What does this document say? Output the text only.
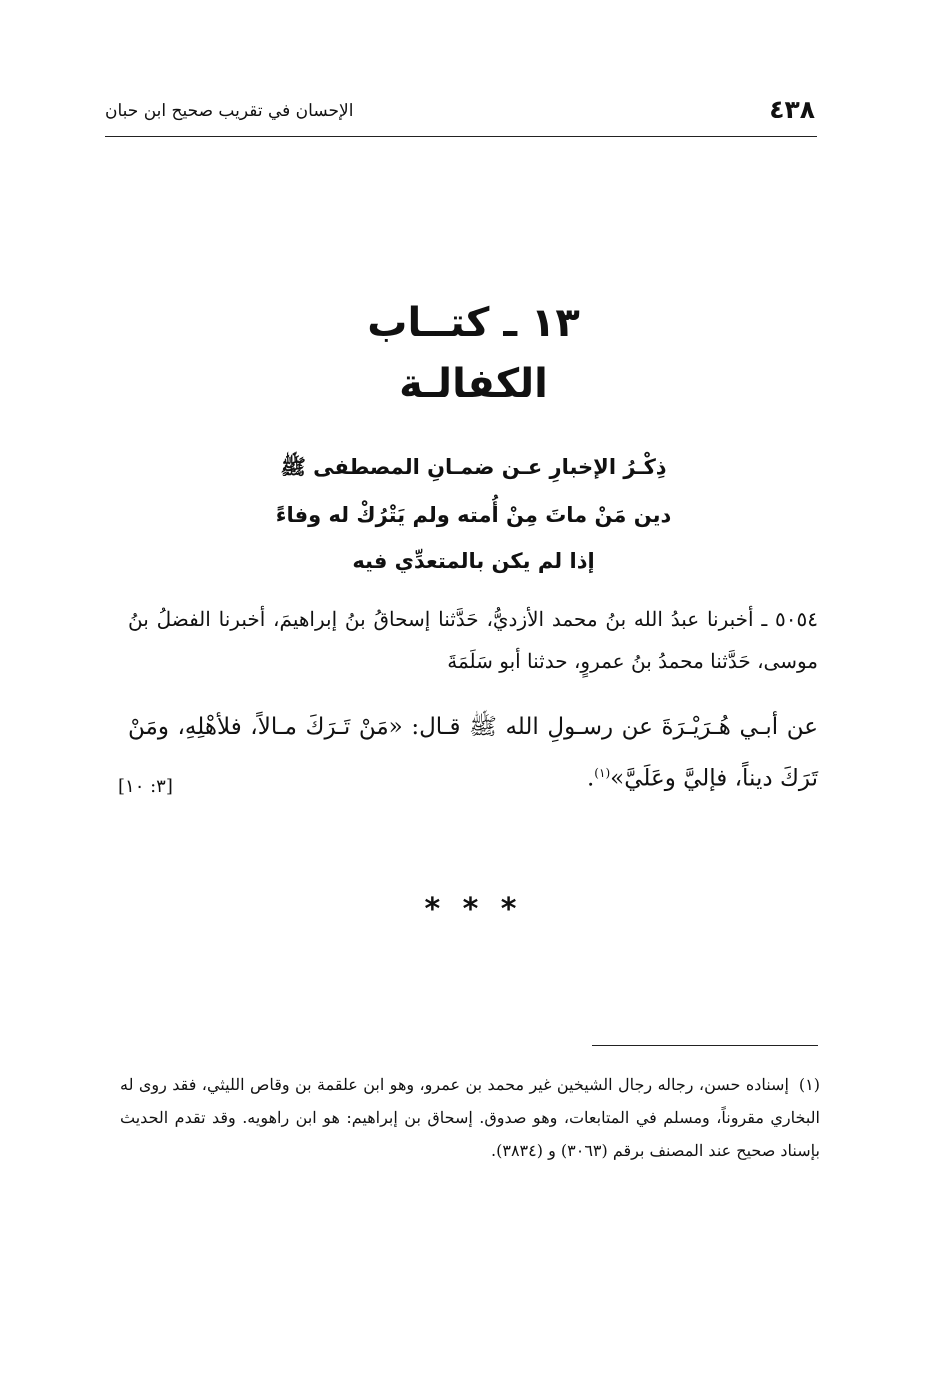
٤٣٨
الإحسان في تقريب صحيح ابن حبان
١٣ ـ كتــاب
الكفالـة
ذِكْـرُ الإخبارِ عـن ضمـانِ المصطفى ﷺ
دين مَنْ ماتَ مِنْ أُمته ولم يَتْرُكْ له وفاءً
إذا لم يكن بالمتعدِّي فيه
٥٠٥٤ ـ أخبرنا عبدُ الله بنُ محمد الأزديُّ، حَدَّثنا إسحاقُ بنُ إبراهيمَ، أخبرنا الفضلُ بنُ موسى، حَدَّثنا محمدُ بنُ عمروٍ، حدثنا أبو سَلَمَةَ
عن أبـي هُـرَيْـرَةَ عن رسـولِ الله ﷺ قـال: «مَنْ تَـرَكَ مـالاً، فلأهْلِهِ، ومَنْ تَرَكَ ديناً، فإليَّ وعَلَيَّ»$^{(١)}$.
[٣: ١٠]
* * *
(١)إسناده حسن، رجاله رجال الشيخين غير محمد بن عمرو، وهو ابن علقمة بن وقاص الليثي، فقد روى له البخاري مقروناً، ومسلم في المتابعات، وهو صدوق. إسحاق بن إبراهيم: هو ابن راهويه. وقد تقدم الحديث بإسناد صحيح عند المصنف برقم (٣٠٦٣) و (٣٨٣٤).
